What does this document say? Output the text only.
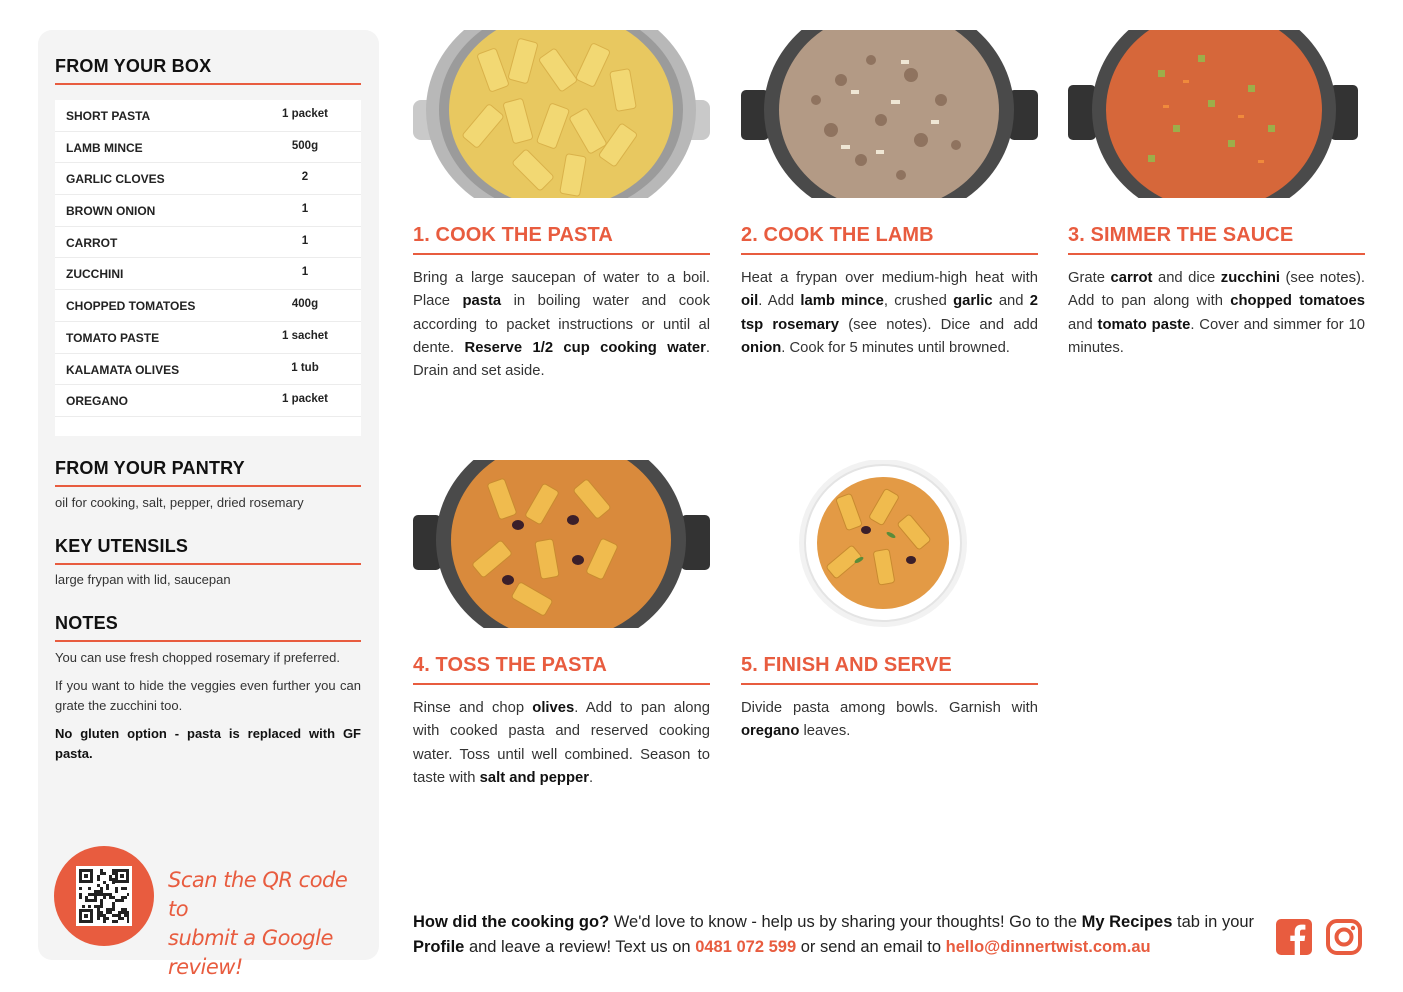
FROM YOUR BOX
SHORT PASTA	1 packet
LAMB MINCE	500g
GARLIC CLOVES	2
BROWN ONION	1
CARROT	1
ZUCCHINI	1
CHOPPED TOMATOES	400g
TOMATO PASTE	1 sachet
KALAMATA OLIVES	1 tub
OREGANO	1 packet
FROM YOUR PANTRY
oil for cooking, salt, pepper, dried rosemary
KEY UTENSILS
large frypan with lid, saucepan
NOTES

You can use fresh chopped rosemary if preferred.

If you want to hide the veggies even further you can grate the zucchini too.

No gluten option - pasta is replaced with GF pasta.

Scan the QR code to
submit a Google review!
1. COOK THE PASTA
Bring a large saucepan of water to a boil. Place pasta in boiling water and cook according to packet instructions or until al dente. Reserve 1/2 cup cooking water. Drain and set aside.
2. COOK THE LAMB
Heat a frypan over medium-high heat with oil. Add lamb mince, crushed garlic and 2 tsp rosemary (see notes). Dice and add onion. Cook for 5 minutes until browned.
3. SIMMER THE SAUCE
Grate carrot and dice zucchini (see notes). Add to pan along with chopped tomatoes and tomato paste. Cover and simmer for 10 minutes.
4. TOSS THE PASTA
Rinse and chop olives. Add to pan along with cooked pasta and reserved cooking water. Toss until well combined. Season to taste with salt and pepper.
5. FINISH AND SERVE
Divide pasta among bowls. Garnish with oregano leaves.
How did the cooking go? We'd love to know - help us by sharing your thoughts! Go to the My Recipes tab in your Profile and leave a review! Text us on 0481 072 599 or send an email to hello@dinnertwist.com.au
